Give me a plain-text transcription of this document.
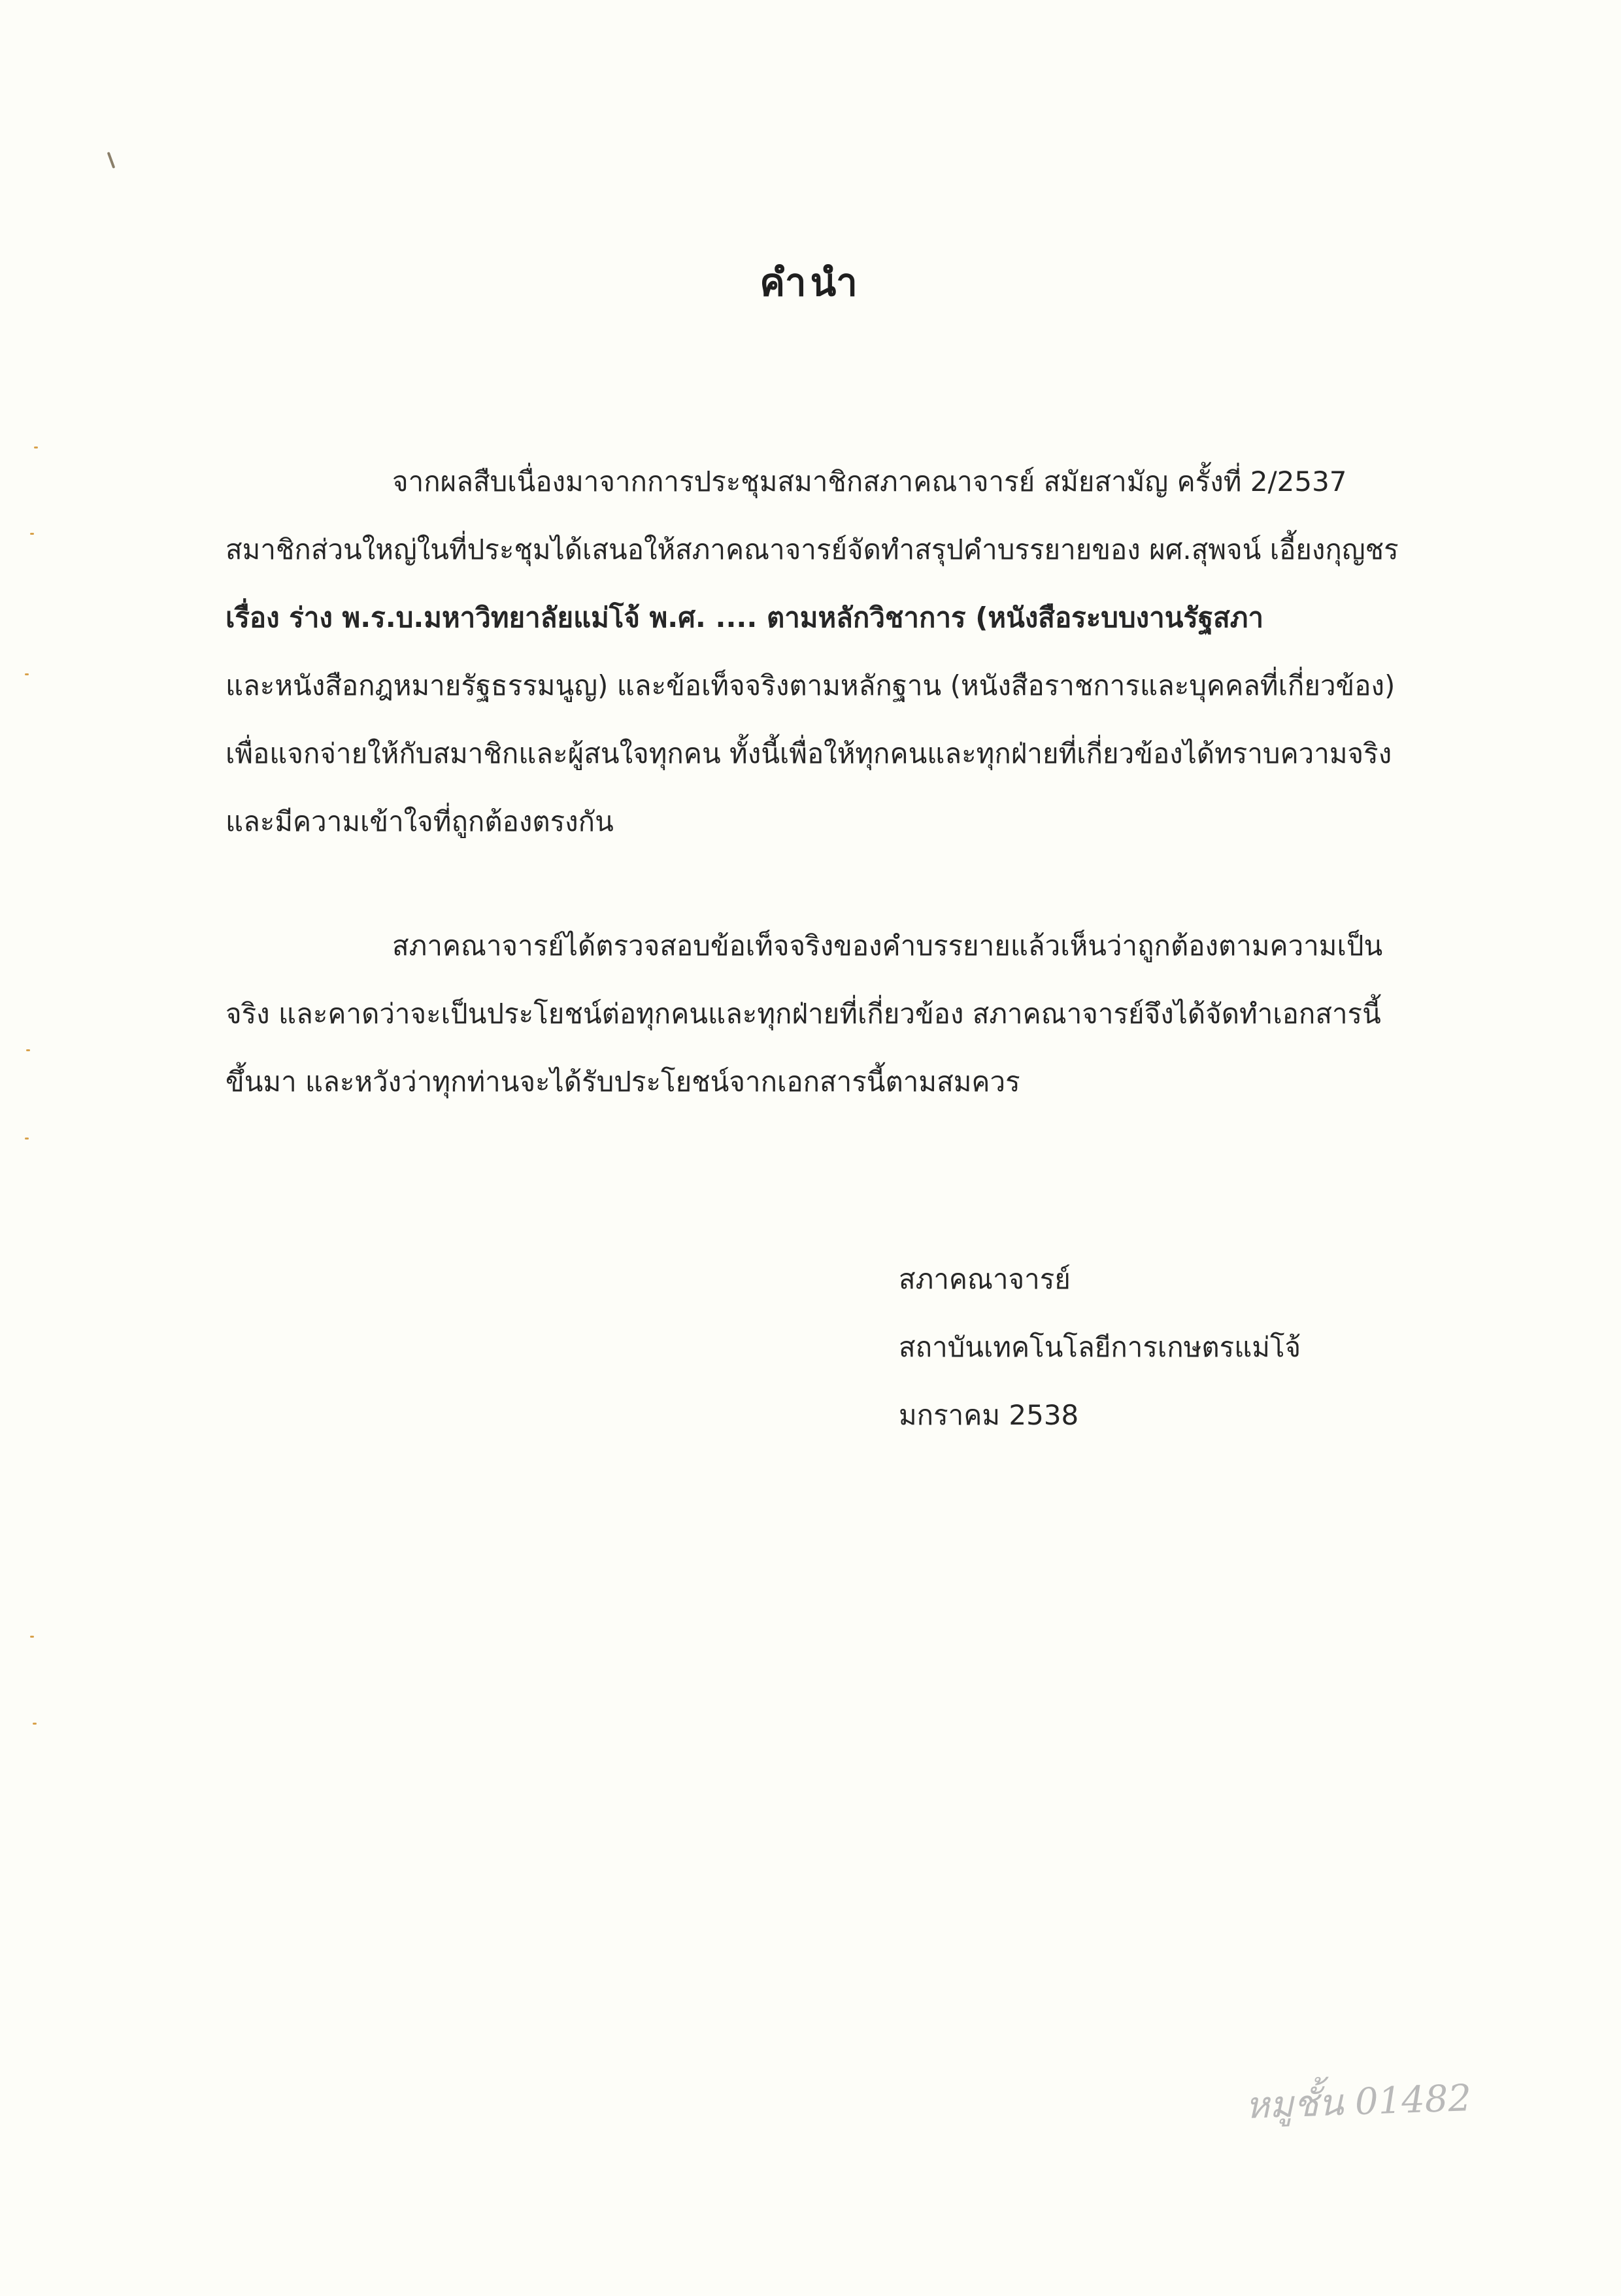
คำนำ
จากผลสืบเนื่องมาจากการประชุมสมาชิกสภาคณาจารย์ สมัยสามัญ ครั้งที่ 2/2537
สมาชิกส่วนใหญ่ในที่ประชุมได้เสนอให้สภาคณาจารย์จัดทำสรุปคำบรรยายของ ผศ.สุพจน์ เอี้ยงกุญชร
เรื่อง ร่าง พ.ร.บ.มหาวิทยาลัยแม่โจ้ พ.ศ. .... ตามหลักวิชาการ (หนังสือระบบงานรัฐสภา
และหนังสือกฎหมายรัฐธรรมนูญ) และข้อเท็จจริงตามหลักฐาน (หนังสือราชการและบุคคลที่เกี่ยวข้อง)
เพื่อแจกจ่ายให้กับสมาชิกและผู้สนใจทุกคน ทั้งนี้เพื่อให้ทุกคนและทุกฝ่ายที่เกี่ยวข้องได้ทราบความจริง
และมีความเข้าใจที่ถูกต้องตรงกัน
สภาคณาจารย์ได้ตรวจสอบข้อเท็จจริงของคำบรรยายแล้วเห็นว่าถูกต้องตามความเป็น
จริง และคาดว่าจะเป็นประโยชน์ต่อทุกคนและทุกฝ่ายที่เกี่ยวข้อง สภาคณาจารย์จึงได้จัดทำเอกสารนี้
ขึ้นมา และหวังว่าทุกท่านจะได้รับประโยชน์จากเอกสารนี้ตามสมควร
สภาคณาจารย์
สถาบันเทคโนโลยีการเกษตรแม่โจ้
มกราคม 2538
หมูชั้น 01482
